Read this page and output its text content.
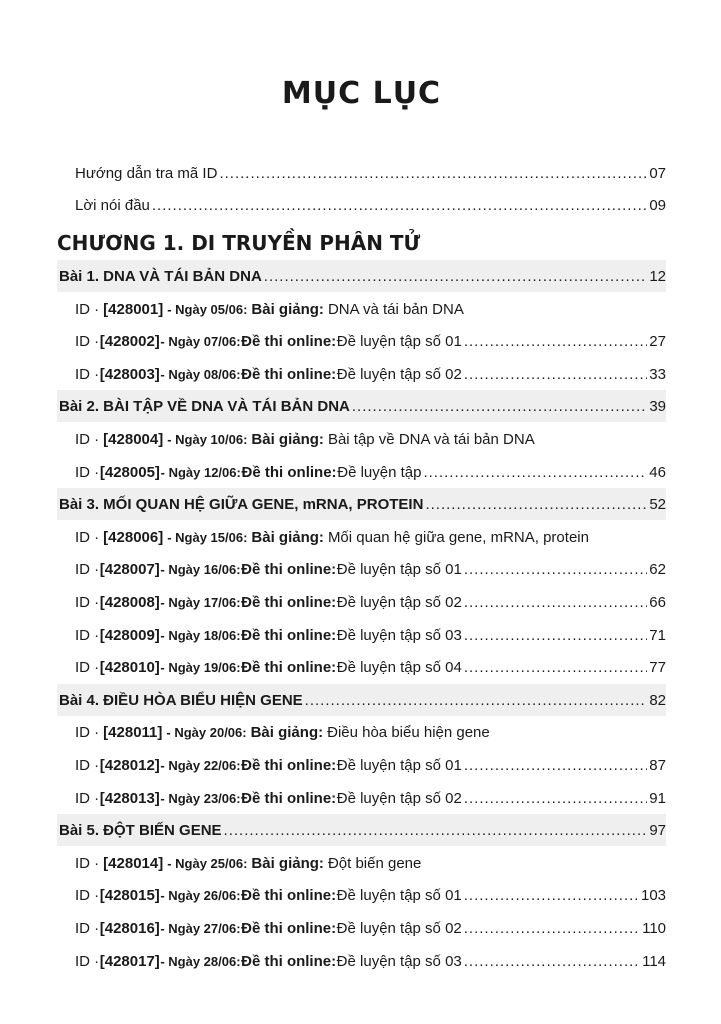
MỤC LỤC
Hướng dẫn tra mã ID .....	07
Lời nói đầu .....	09
CHƯƠNG 1. DI TRUYỀN PHÂN TỬ
Bài 1. DNA VÀ TÁI BẢN DNA .....	12
ID · [428001] - Ngày 05/06: Bài giảng: DNA và tái bản DNA
ID · [428002] - Ngày 07/06: Đề thi online: Đề luyện tập số 01 .....	27
ID · [428003] - Ngày 08/06: Đề thi online: Đề luyện tập số 02 .....	33
Bài 2. BÀI TẬP VỀ DNA VÀ TÁI BẢN DNA .....	39
ID · [428004] - Ngày 10/06: Bài giảng: Bài tập về DNA và tái bản DNA
ID · [428005] - Ngày 12/06: Đề thi online: Đề luyện tập .....	46
Bài 3. MỐI QUAN HỆ GIỮA GENE, mRNA, PROTEIN .....	52
ID · [428006] - Ngày 15/06: Bài giảng: Mối quan hệ giữa gene, mRNA, protein
ID · [428007] - Ngày 16/06: Đề thi online: Đề luyện tập số 01 .....	62
ID · [428008] - Ngày 17/06: Đề thi online: Đề luyện tập số 02 .....	66
ID · [428009] - Ngày 18/06: Đề thi online: Đề luyện tập số 03 .....	71
ID · [428010] - Ngày 19/06: Đề thi online: Đề luyện tập số 04 .....	77
Bài 4. ĐIỀU HÒA BIỂU HIỆN GENE .....	82
ID · [428011] - Ngày 20/06: Bài giảng: Điều hòa biểu hiện gene
ID · [428012] - Ngày 22/06: Đề thi online: Đề luyện tập số 01 .....	87
ID · [428013] - Ngày 23/06: Đề thi online: Đề luyện tập số 02 .....	91
Bài 5. ĐỘT BIẾN GENE .....	97
ID · [428014] - Ngày 25/06: Bài giảng: Đột biến gene
ID · [428015] - Ngày 26/06: Đề thi online: Đề luyện tập số 01 .....	103
ID · [428016] - Ngày 27/06: Đề thi online: Đề luyện tập số 02 .....	110
ID · [428017] - Ngày 28/06: Đề thi online: Đề luyện tập số 03 .....	114
